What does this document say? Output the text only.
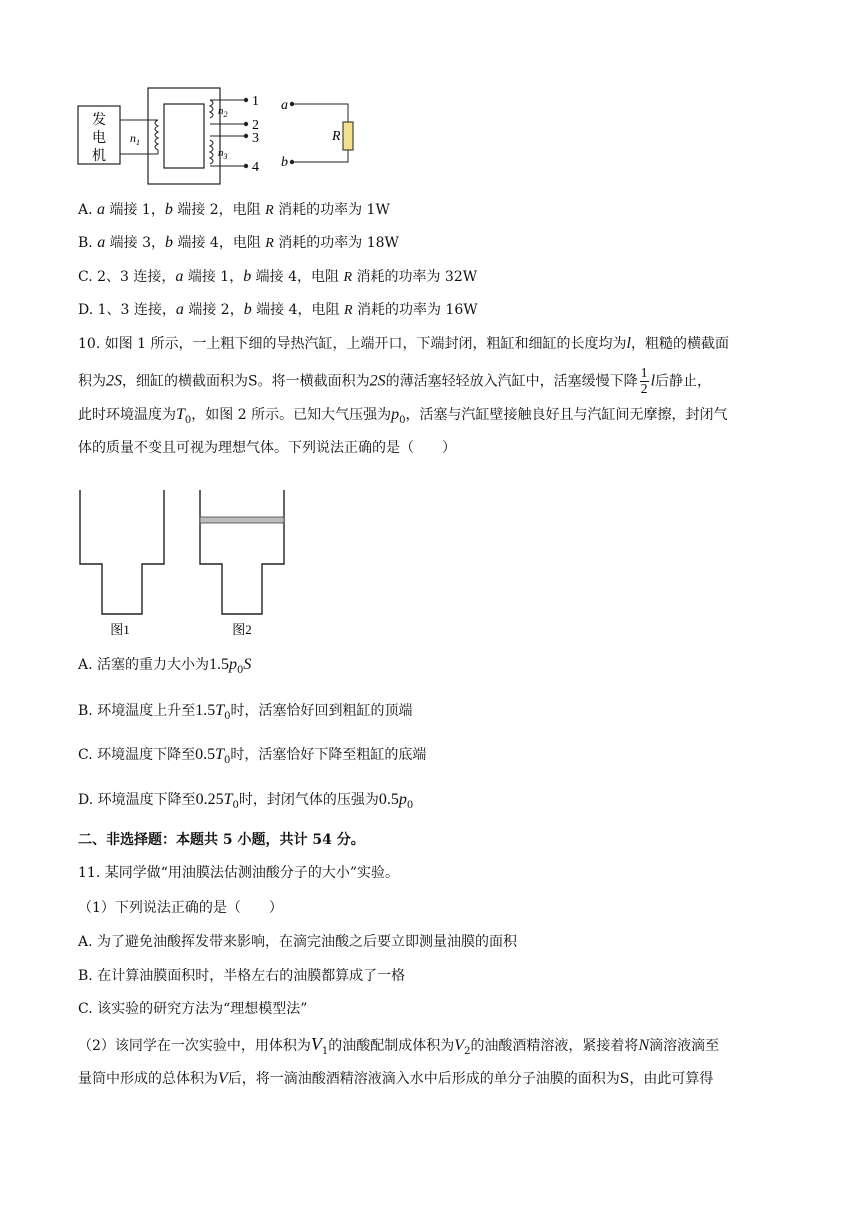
发
电
机
$n_1$
$n_2$
$n_3$
1
2
3
4
a
b
R
A. a 端接 1，b 端接 2，电阻 R 消耗的功率为 1W
B. a 端接 3，b 端接 4，电阻 R 消耗的功率为 18W
C. 2、3 连接，a 端接 1，b 端接 4，电阻 R 消耗的功率为 32W
D. 1、3 连接，a 端接 2，b 端接 4，电阻 R 消耗的功率为 16W
10. 如图 1 所示，一上粗下细的导热汽缸，上端开口，下端封闭，粗缸和细缸的长度均为l，粗糙的横截面
积为2S，细缸的横截面积为S。将一横截面积为2S的薄活塞轻轻放入汽缸中，活塞缓慢下降 $\frac{1}{2}$ l后静止，
此时环境温度为$T_0$，如图 2 所示。已知大气压强为$p_0$，活塞与汽缸壁接触良好且与汽缸间无摩擦，封闭气
体的质量不变且可视为理想气体。下列说法正确的是（　　）
图1	图2
A. 活塞的重力大小为$1.5p_0S$
B. 环境温度上升至$1.5T_0$时，活塞恰好回到粗缸的顶端
C. 环境温度下降至$0.5T_0$时，活塞恰好下降至粗缸的底端
D. 环境温度下降至$0.25T_0$时，封闭气体的压强为$0.5p_0$
二、非选择题：本题共 5 小题，共计 54 分。
11. 某同学做“用油膜法估测油酸分子的大小”实验。
（1）下列说法正确的是（　　）
A. 为了避免油酸挥发带来影响，在滴完油酸之后要立即测量油膜的面积
B. 在计算油膜面积时，半格左右的油膜都算成了一格
C. 该实验的研究方法为“理想模型法”
（2）该同学在一次实验中，用体积为$V_1$的油酸配制成体积为$V_2$的油酸酒精溶液，紧接着将N滴溶液滴至
量筒中形成的总体积为V后，将一滴油酸酒精溶液滴入水中后形成的单分子油膜的面积为S，由此可算得
